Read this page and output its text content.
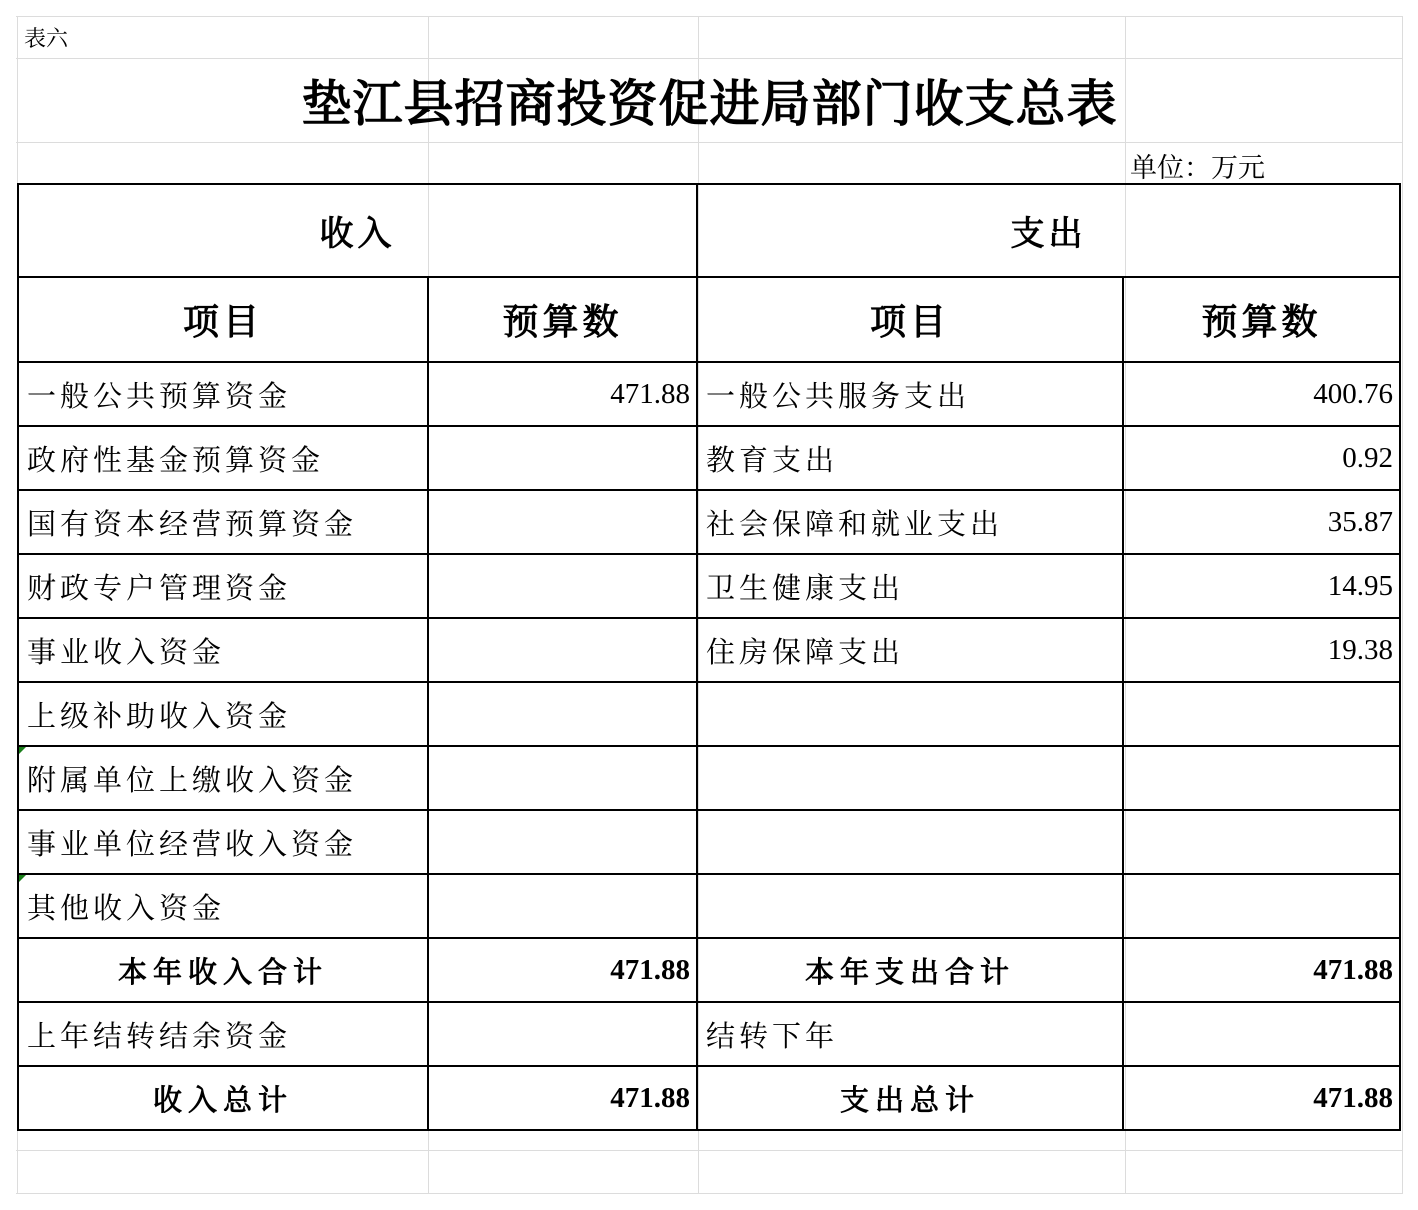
表六
垫江县招商投资促进局部门收支总表
单位：万元
收入		支出	
项目	预算数	项目	预算数
一般公共预算资金	471.88	一般公共服务支出	400.76
政府性基金预算资金		教育支出	0.92
国有资本经营预算资金		社会保障和就业支出	35.87
财政专户管理资金		卫生健康支出	14.95
事业收入资金		住房保障支出	19.38
上级补助收入资金			
附属单位上缴收入资金			
事业单位经营收入资金			
其他收入资金			
本年收入合计	471.88	本年支出合计	471.88
上年结转结余资金		结转下年	
收入总计	471.88	支出总计	471.88
